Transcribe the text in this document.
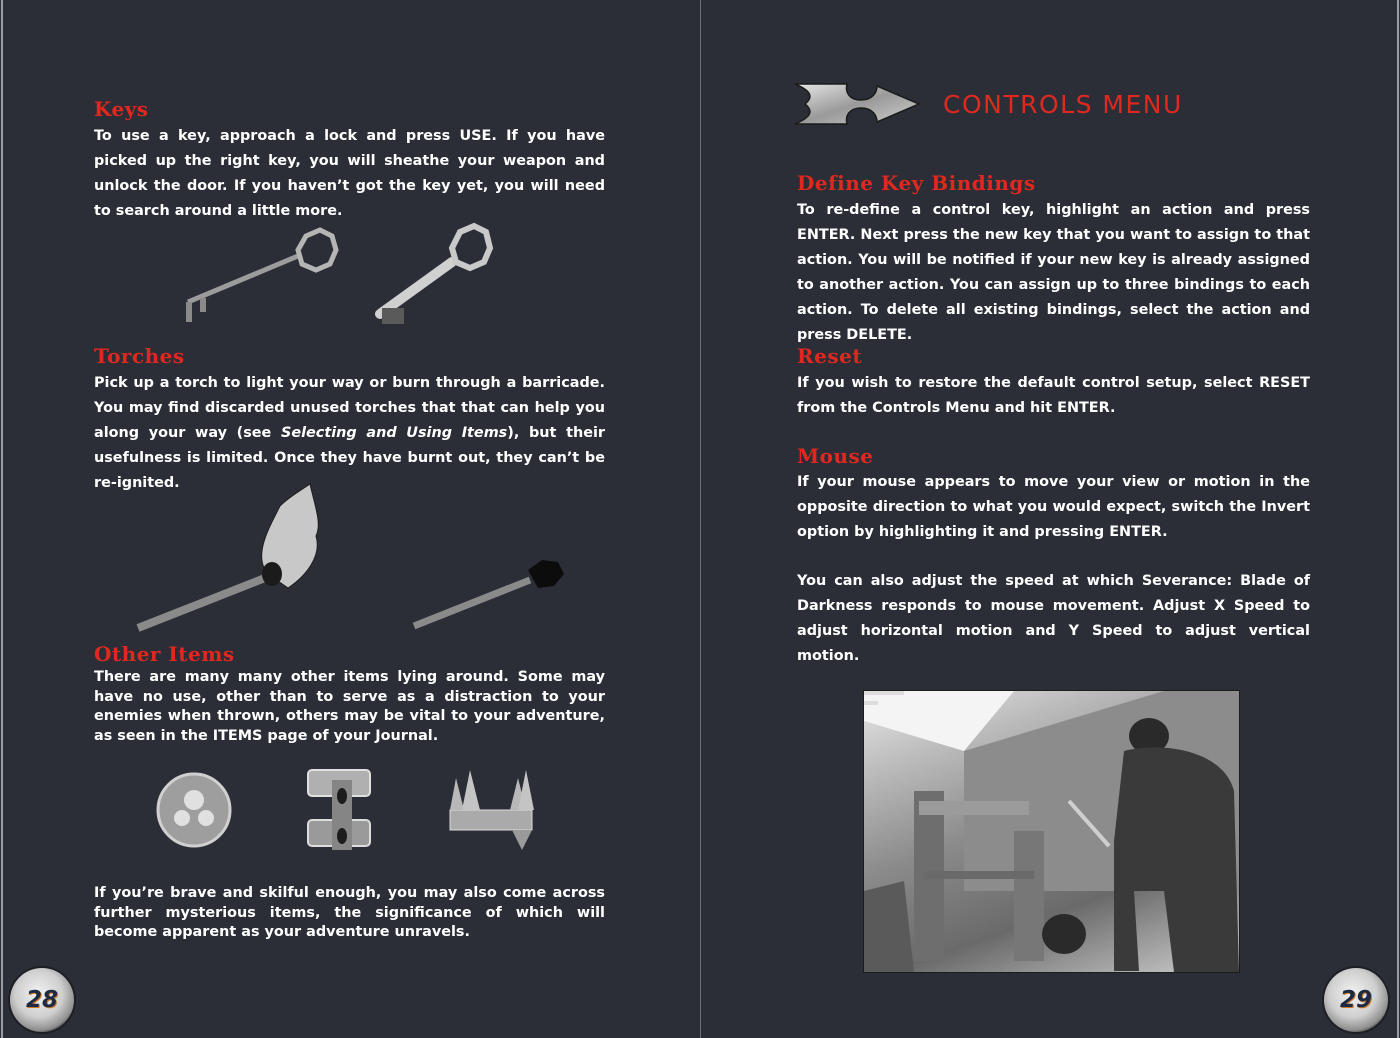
Keys

To use a key, approach a lock and press USE. If you have picked up the right key, you will sheathe your weapon and unlock the door. If you haven’t got the key yet, you will need to search around a little more.

Torches

Pick up a torch to light your way or burn through a barricade. You may find discarded unused torches that that can help you along your way (see Selecting and Using Items), but their usefulness is limited. Once they have burnt out, they can’t be re-ignited.

Other Items

There are many many other items lying around. Some may have no use, other than to serve as a distraction to your enemies when thrown, others may be vital to your adventure, as seen in the ITEMS page of your Journal.

If you’re brave and skilful enough, you may also come across further mysterious items, the significance of which will become apparent as your adventure unravels.

28
CONTROLS MENU
Define Key Bindings

To re-define a control key, highlight an action and press ENTER. Next press the new key that you want to assign to that action. You will be notified if your new key is already assigned to another action. You can assign up to three bindings to each action. To delete all existing bindings, select the action and press DELETE.

Reset

If you wish to restore the default control setup, select RESET from the Controls Menu and hit ENTER.

Mouse

If your mouse appears to move your view or motion in the opposite direction to what you would expect, switch the Invert option by highlighting it and pressing ENTER.

You can also adjust the speed at which Severance: Blade of Darkness responds to mouse movement. Adjust X Speed to adjust horizontal motion and Y Speed to adjust vertical motion.

29
